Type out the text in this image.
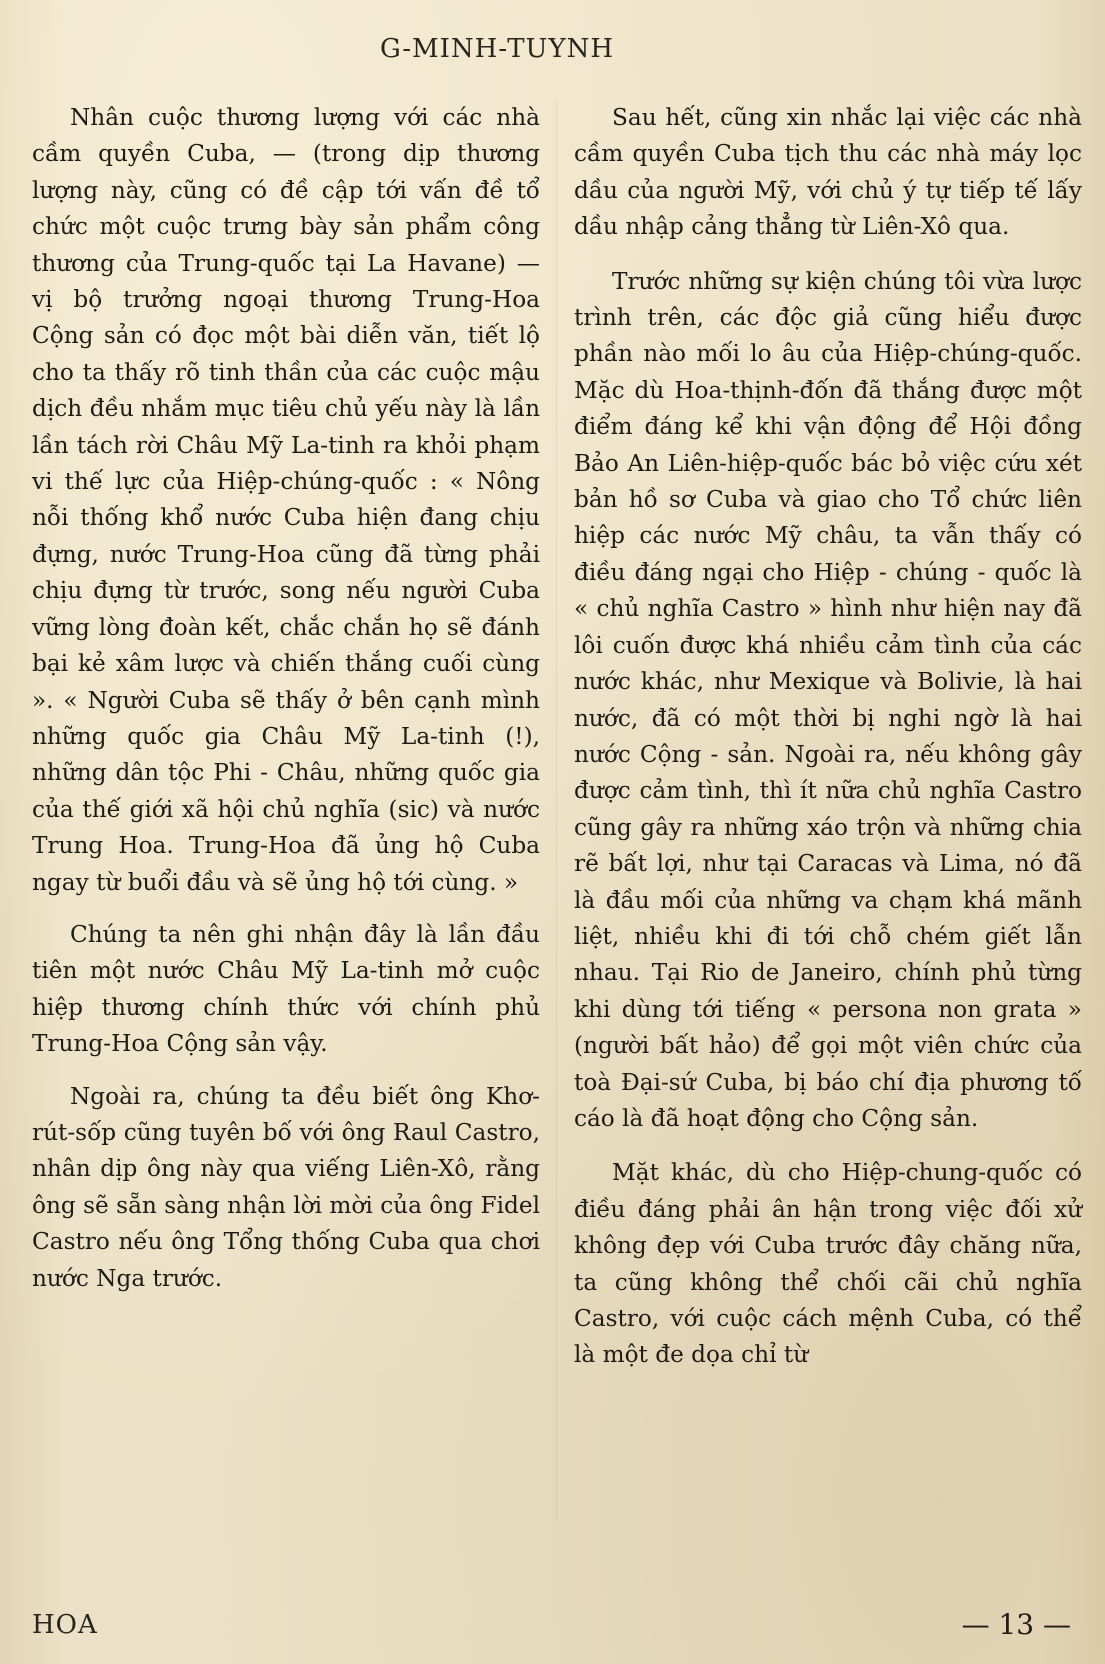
G-MINH-TUYNH

Nhân cuộc thương lượng với các nhà cầm quyền Cuba, — (trong dịp thương lượng này, cũng có đề cập tới vấn đề tổ chức một cuộc trưng bày sản phẩm công thương của Trung-quốc tại La Havane) — vị bộ trưởng ngoại thương Trung-Hoa Cộng sản có đọc một bài diễn văn, tiết lộ cho ta thấy rõ tinh thần của các cuộc mậu dịch đều nhắm mục tiêu chủ yếu này là lần lần tách rời Châu Mỹ La-tinh ra khỏi phạm vi thế lực của Hiệp-chúng-quốc : « Nông nỗi thống khổ nước Cuba hiện đang chịu đựng, nước Trung-Hoa cũng đã từng phải chịu đựng từ trước, song nếu người Cuba vững lòng đoàn kết, chắc chắn họ sẽ đánh bại kẻ xâm lược và chiến thắng cuối cùng ». « Người Cuba sẽ thấy ở bên cạnh mình những quốc gia Châu Mỹ La-tinh (!), những dân tộc Phi - Châu, những quốc gia của thế giới xã hội chủ nghĩa (sic) và nước Trung Hoa. Trung-Hoa đã ủng hộ Cuba ngay từ buổi đầu và sẽ ủng hộ tới cùng. »

Chúng ta nên ghi nhận đây là lần đầu tiên một nước Châu Mỹ La-tinh mở cuộc hiệp thương chính thức với chính phủ Trung-Hoa Cộng sản vậy.

Ngoài ra, chúng ta đều biết ông Khơ-rút-sốp cũng tuyên bố với ông Raul Castro, nhân dịp ông này qua viếng Liên-Xô, rằng ông sẽ sẵn sàng nhận lời mời của ông Fidel Castro nếu ông Tổng thống Cuba qua chơi nước Nga trước.

Sau hết, cũng xin nhắc lại việc các nhà cầm quyền Cuba tịch thu các nhà máy lọc dầu của người Mỹ, với chủ ý tự tiếp tế lấy dầu nhập cảng thẳng từ Liên-Xô qua.

Trước những sự kiện chúng tôi vừa lược trình trên, các độc giả cũng hiểu được phần nào mối lo âu của Hiệp-chúng-quốc. Mặc dù Hoa-thịnh-đốn đã thắng được một điểm đáng kể khi vận động để Hội đồng Bảo An Liên-hiệp-quốc bác bỏ việc cứu xét bản hồ sơ Cuba và giao cho Tổ chức liên hiệp các nước Mỹ châu, ta vẫn thấy có điều đáng ngại cho Hiệp - chúng - quốc là « chủ nghĩa Castro » hình như hiện nay đã lôi cuốn được khá nhiều cảm tình của các nước khác, như Mexique và Bolivie, là hai nước, đã có một thời bị nghi ngờ là hai nước Cộng - sản. Ngoài ra, nếu không gây được cảm tình, thì ít nữa chủ nghĩa Castro cũng gây ra những xáo trộn và những chia rẽ bất lợi, như tại Caracas và Lima, nó đã là đầu mối của những va chạm khá mãnh liệt, nhiều khi đi tới chỗ chém giết lẫn nhau. Tại Rio de Janeiro, chính phủ từng khi dùng tới tiếng « persona non grata » (người bất hảo) để gọi một viên chức của toà Đại-sứ Cuba, bị báo chí địa phương tố cáo là đã hoạt động cho Cộng sản.

Mặt khác, dù cho Hiệp-chung-quốc có điều đáng phải ân hận trong việc đối xử không đẹp với Cuba trước đây chăng nữa, ta cũng không thể chối cãi chủ nghĩa Castro, với cuộc cách mệnh Cuba, có thể là một đe dọa chỉ từ

HOA	— 13 —
